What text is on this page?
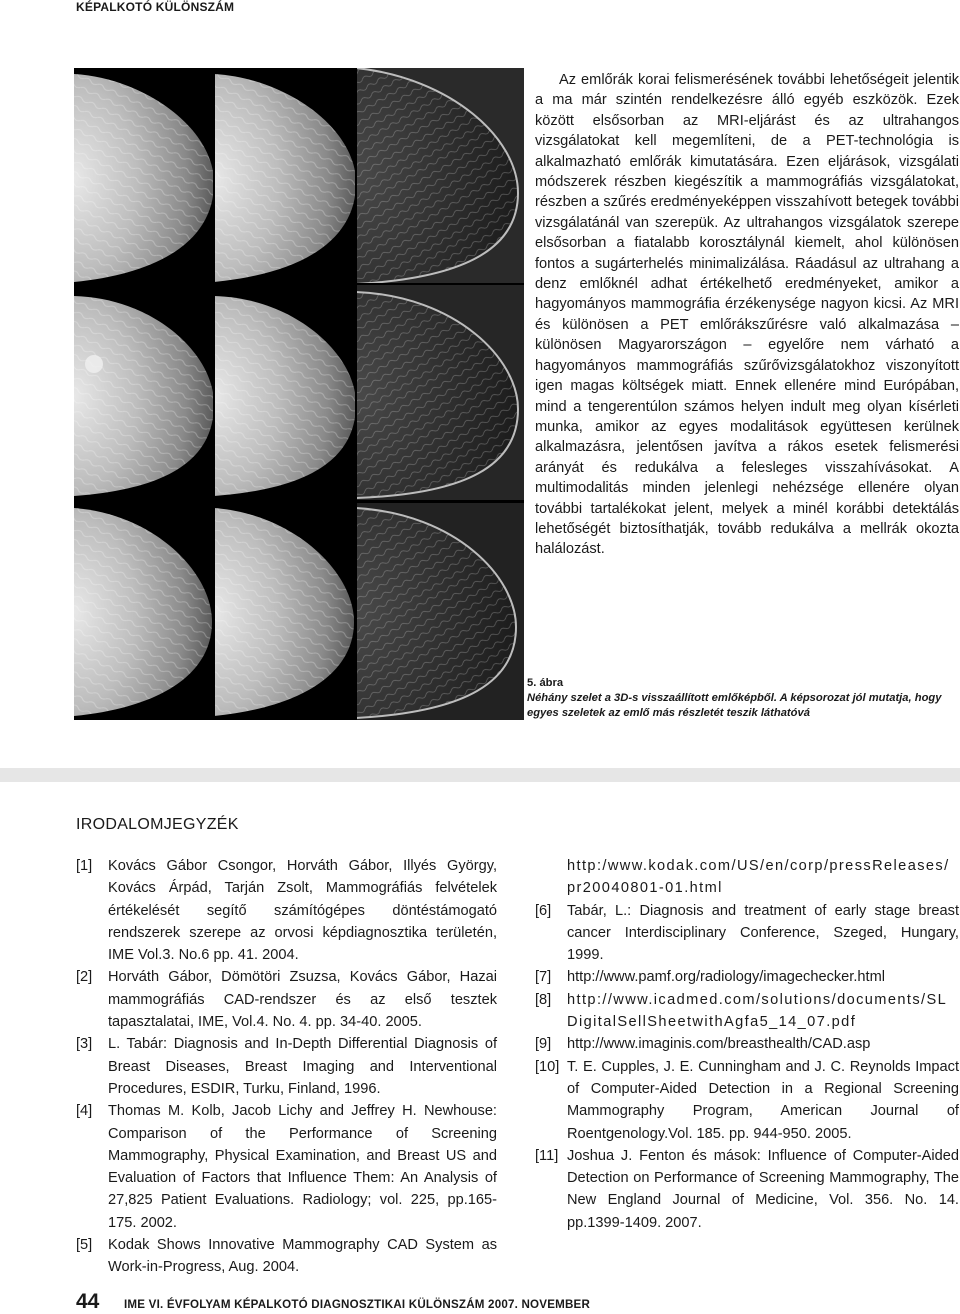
KÉPALKOTÓ KÜLÖNSZÁM

Az emlőrák korai felismerésének további lehetőségeit jelentik a ma már szintén rendelkezésre álló egyéb eszközök. Ezek között elsősorban az MRI-eljárást és az ultrahangos vizsgálatokat kell megemlíteni, de a PET-technológia is alkalmazható emlőrák kimutatására. Ezen eljárások, vizsgálati módszerek részben kiegészítik a mammográfiás vizsgálatokat, részben a szűrés eredményeképpen visszahívott betegek további vizsgálatánál van szerepük. Az ultrahangos vizsgálatok szerepe elsősorban a fiatalabb korosztálynál kiemelt, ahol különösen fontos a sugárterhelés minimalizálása. Ráadásul az ultrahang a denz emlőknél adhat értékelhető eredményeket, amikor a hagyományos mammográfia érzékenysége nagyon kicsi. Az MRI és különösen a PET emlőrákszűrésre való alkalmazása – különösen Magyarországon – egyelőre nem várható a hagyományos mammográfiás szűrővizsgálatokhoz viszonyított igen magas költségek miatt. Ennek ellenére mind Európában, mind a tengerentúlon számos helyen indult meg olyan kísérleti munka, amikor az egyes modalitások együttesen kerülnek alkalmazásra, jelentősen javítva a rákos esetek felismerési arányát és redukálva a felesleges visszahívásokat. A multimodalitás minden jelenlegi nehézsége ellenére olyan további tartalékokat jelent, melyek a minél korábbi detektálás lehetőségét biztosíthatják, tovább redukálva a mellrák okozta halálozást.

5. ábra
Néhány szelet a 3D-s visszaállított emlőképből. A képsorozat jól mutatja, hogy egyes szeletek az emlő más részletét teszik láthatóvá
IRODALOMJEGYZÉK
[1]	Kovács Gábor Csongor, Horváth Gábor, Illyés György, Kovács Árpád, Tarján Zsolt, Mammográfiás felvételek értékelését segítő számítógépes döntéstámogató rendszerek szerepe az orvosi képdiagnosztika területén, IME Vol.3. No.6 pp. 41. 2004.
[2]	Horváth Gábor, Dömötöri Zsuzsa, Kovács Gábor, Hazai mammográfiás CAD-rendszer és az első tesztek tapasztalatai, IME, Vol.4. No. 4. pp. 34-40. 2005.
[3]	L. Tabár: Diagnosis and In-Depth Differential Diagnosis of Breast Diseases, Breast Imaging and Interventional Procedures, ESDIR, Turku, Finland, 1996.
[4]	Thomas M. Kolb, Jacob Lichy and Jeffrey H. Newhouse: Comparison of the Performance of Screening Mammography, Physical Examination, and Breast US and Evaluation of Factors that Influence Them: An Analysis of 27,825 Patient Evaluations. Radiology; vol. 225, pp.165-175. 2002.
[5]	Kodak Shows Innovative Mammography CAD System as Work-in-Progress, Aug. 2004.
http:/www.kodak.com/US/en/corp/pressReleases/pr20040801-01.html
[6]	Tabár, L.: Diagnosis and treatment of early stage breast cancer Interdisciplinary Conference, Szeged, Hungary, 1999.
[7]	http://www.pamf.org/radiology/imagechecker.html
[8]	http://www.icadmed.com/solutions/documents/SLDigitalSellSheetwithAgfa5_14_07.pdf
[9]	http://www.imaginis.com/breasthealth/CAD.asp
[10] T. E. Cupples, J. E. Cunningham and J. C. Reynolds Impact of Computer-Aided Detection in a Regional Screening Mammography Program, American Journal of Roentgenology.Vol. 185. pp. 944-950. 2005.
[11] Joshua J. Fenton és mások: Influence of Computer-Aided Detection on Performance of Screening Mammography, The New England Journal of Medicine, Vol. 356. No. 14. pp.1399-1409. 2007.
44 IME VI. ÉVFOLYAM KÉPALKOTÓ DIAGNOSZTIKAI KÜLÖNSZÁM 2007. NOVEMBER
